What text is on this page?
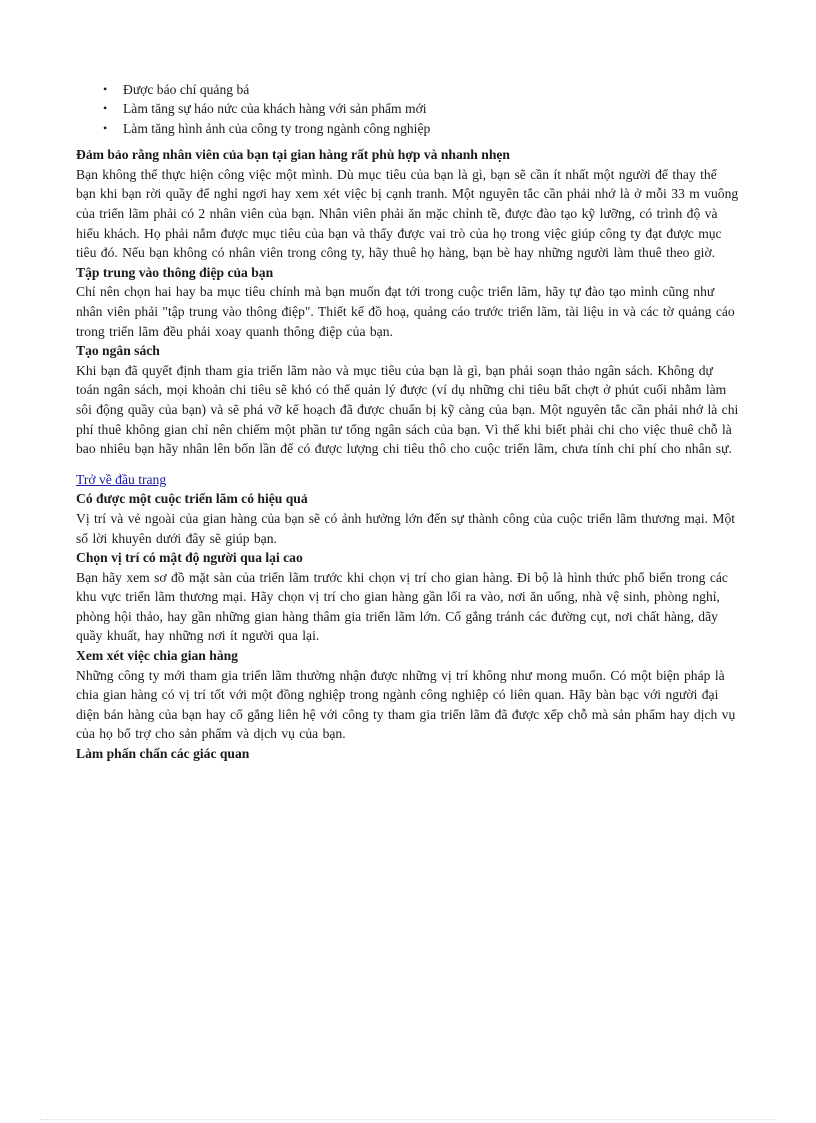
• Được báo chí quảng bá
• Làm tăng sự háo nức của khách hàng với sản phẩm mới
• Làm tăng hình ảnh của công ty trong ngành công nghiệp
Đảm bảo rằng nhân viên của bạn tại gian hàng rất phù hợp và nhanh nhẹn

Bạn không thể thực hiện công việc một mình. Dù mục tiêu của bạn là gì, bạn sẽ cần ít nhất một người để thay thế bạn khi bạn rời quầy để nghỉ ngơi hay xem xét việc bị cạnh tranh. Một nguyên tắc cần phải nhớ là ở mỗi 33 m vuông của triển lãm phải có 2 nhân viên của bạn. Nhân viên phải ăn mặc chỉnh tề, được đào tạo kỹ lưỡng, có trình độ và hiểu khách. Họ phải nắm được mục tiêu của bạn và thấy được vai trò của họ trong việc giúp công ty đạt được mục tiêu đó. Nếu bạn không có nhân viên trong công ty, hãy thuê họ hàng, bạn bè hay những người làm thuê theo giờ.

Tập trung vào thông điệp của bạn

Chỉ nên chọn hai hay ba mục tiêu chính mà bạn muốn đạt tới trong cuộc triển lãm, hãy tự đào tạo mình cũng như nhân viên phải "tập trung vào thông điệp". Thiết kế đồ hoạ, quảng cáo trước triển lãm, tài liệu in và các tờ quảng cáo trong triển lãm đều phải xoay quanh thông điệp của bạn.

Tạo ngân sách

Khi bạn đã quyết định tham gia triển lãm nào và mục tiêu của bạn là gì, bạn phải soạn thảo ngân sách. Không dự toán ngân sách, mọi khoản chi tiêu sẽ khó có thể quản lý được (ví dụ những chi tiêu bất chợt ở phút cuối nhằm làm sôi động quầy của bạn) và sẽ phá vỡ kế hoạch đã được chuẩn bị kỹ càng của bạn. Một nguyên tắc cần phải nhớ là chi phí thuê không gian chỉ nên chiếm một phần tư tổng ngân sách của bạn. Vì thế khi biết phải chi cho việc thuê chỗ là bao nhiêu bạn hãy nhân lên bốn lần để có được lượng chi tiêu thô cho cuộc triển lãm, chưa tính chi phí cho nhân sự.

Trở về đầu trang
Có được một cuộc triển lãm có hiệu quả

Vị trí và vẻ ngoài của gian hàng của bạn sẽ có ảnh hưởng lớn đến sự thành công của cuộc triển lãm thương mại. Một số lời khuyên dưới đây sẽ giúp bạn.

Chọn vị trí có mật độ người qua lại cao

Bạn hãy xem sơ đồ mặt sàn của triển lãm trước khi chọn vị trí cho gian hàng. Đi bộ là hình thức phổ biến trong các khu vực triển lãm thương mại. Hãy chọn vị trí cho gian hàng gần lối ra vào, nơi ăn uống, nhà vệ sinh, phòng nghỉ, phòng hội thảo, hay gần những gian hàng thâm gia triển lãm lớn. Cố gắng tránh các đường cụt, nơi chất hàng, dãy quầy khuất, hay những nơi ít người qua lại.

Xem xét việc chia gian hàng

Những công ty mới tham gia triển lãm thường nhận được những vị trí không như mong muốn. Có một biện pháp là chia gian hàng có vị trí tốt với một đồng nghiệp trong ngành công nghiệp có liên quan. Hãy bàn bạc với người đại diện bán hàng của bạn hay cố gắng liên hệ với công ty tham gia triển lãm đã được xếp chỗ mà sản phẩm hay dịch vụ của họ bổ trợ cho sản phẩm và dịch vụ của bạn.

Làm phấn chấn các giác quan
